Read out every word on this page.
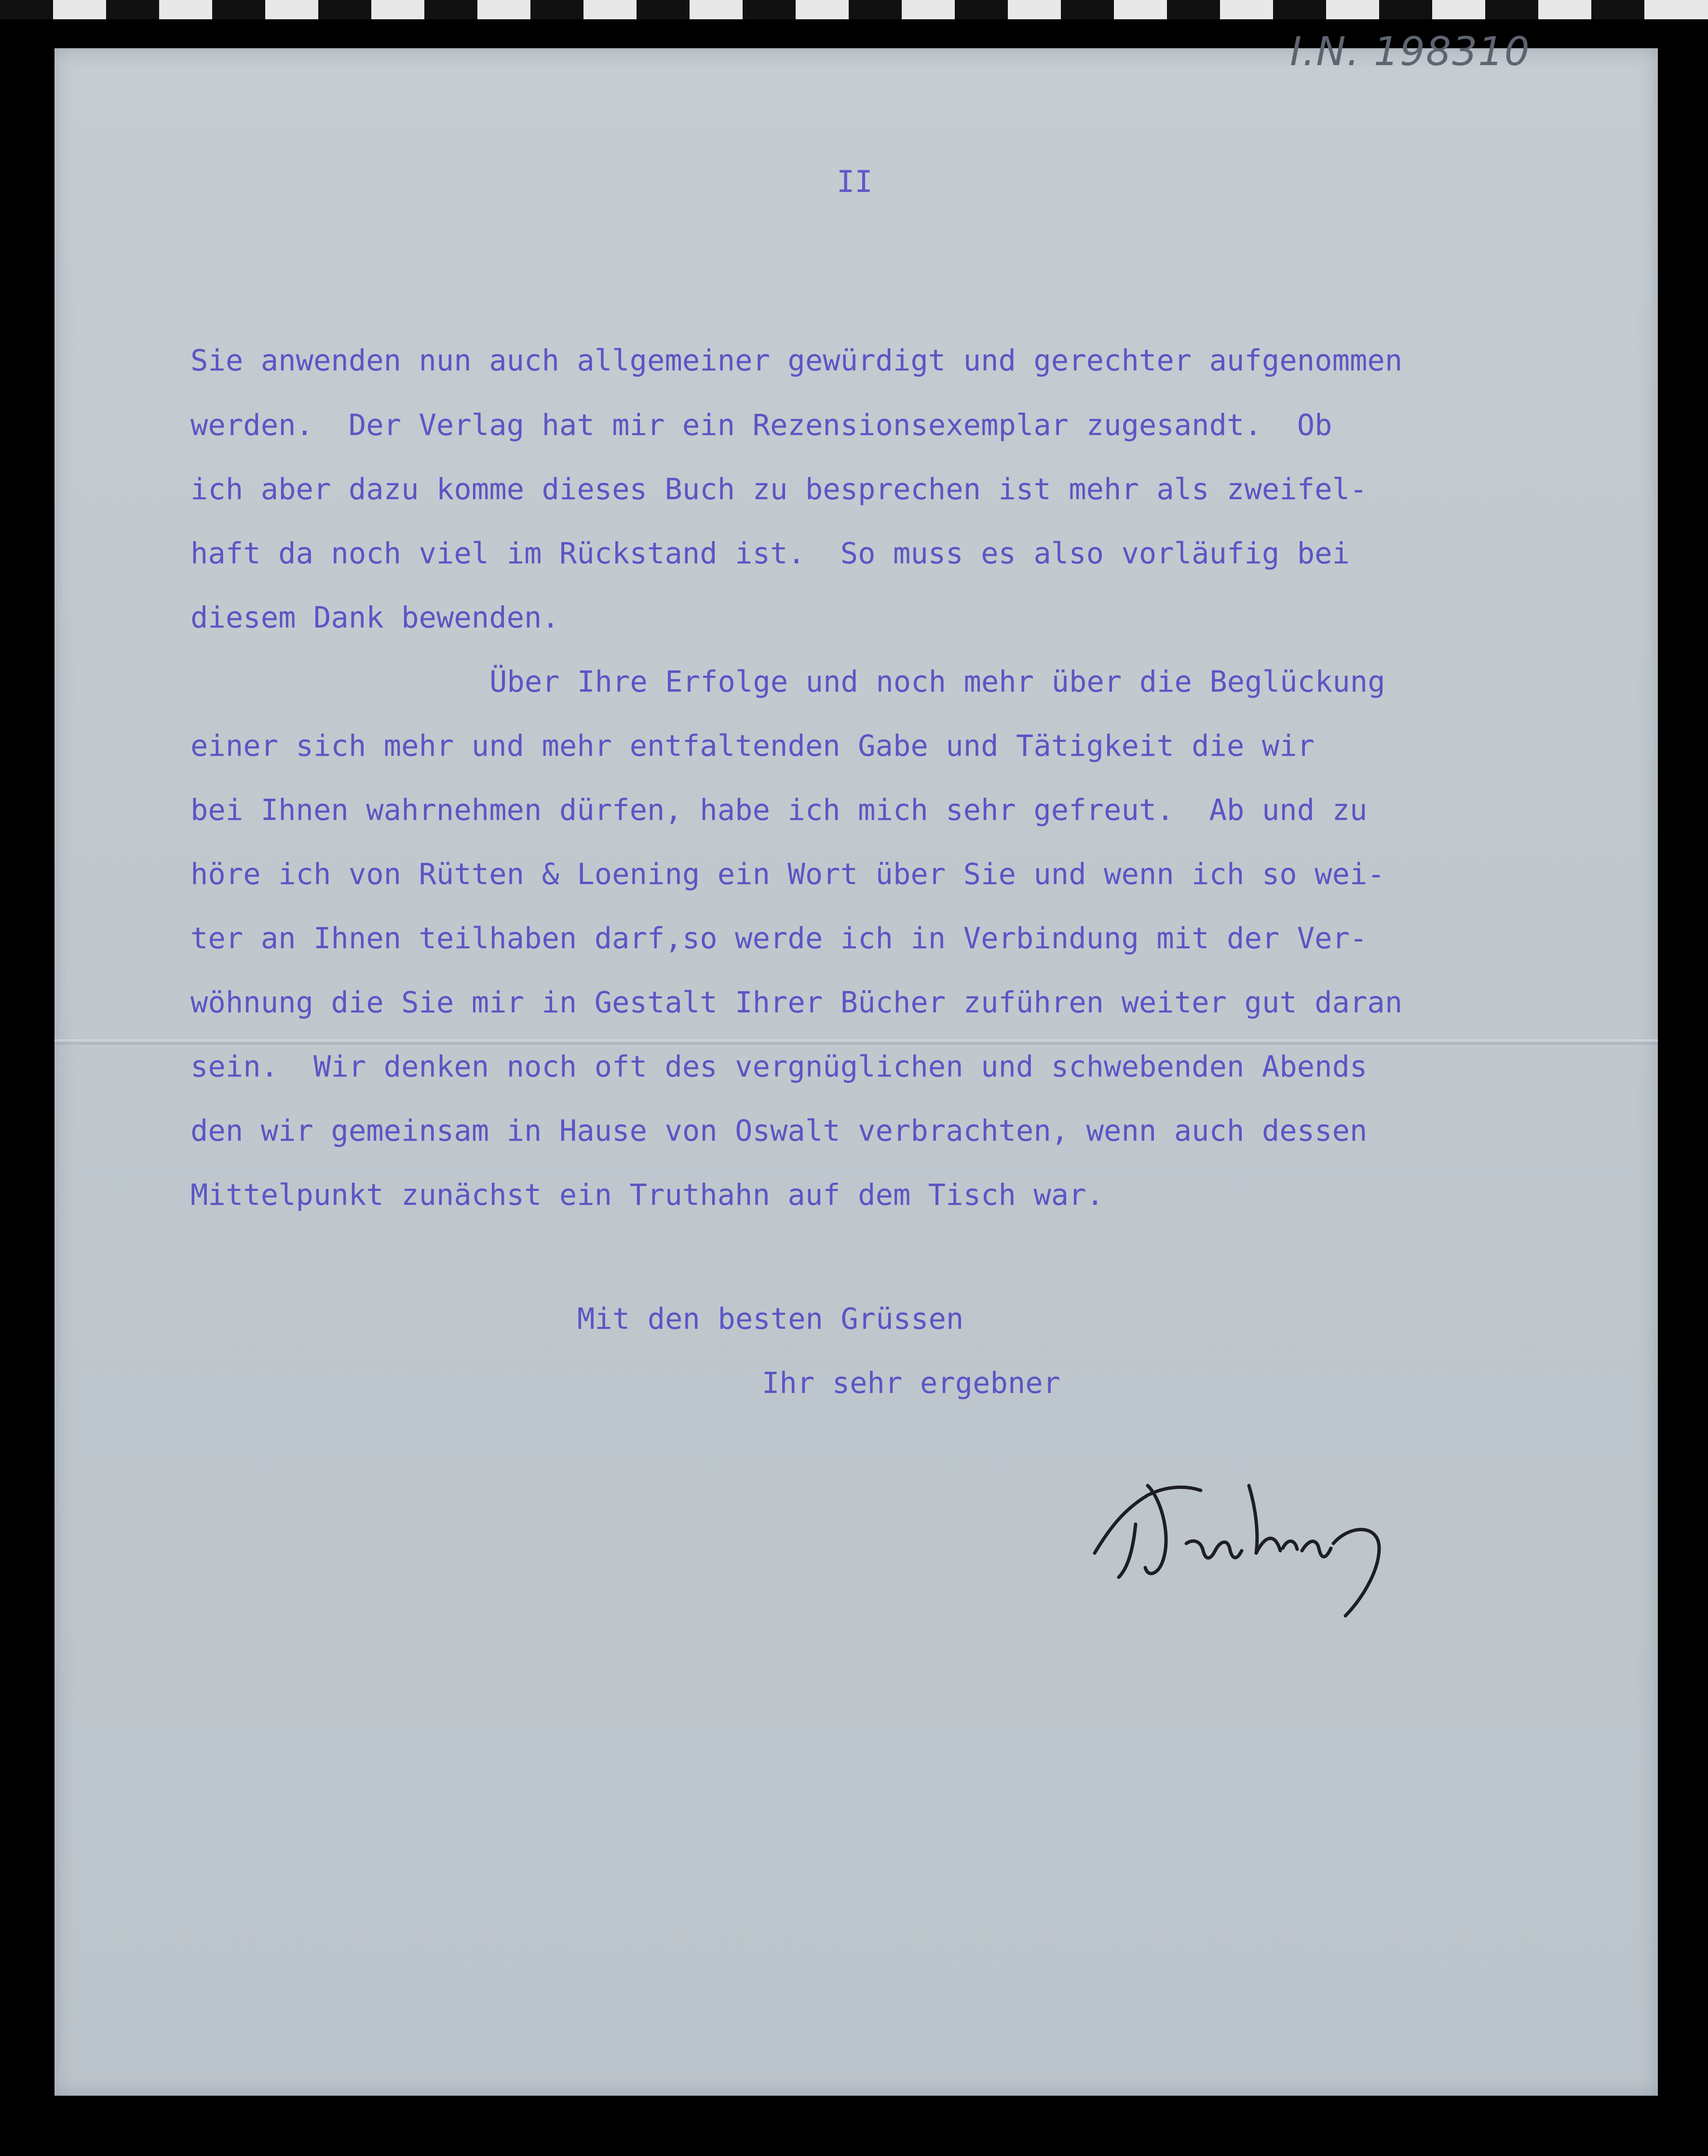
I.N. 198310
II
Sie anwenden nun auch allgemeiner gewürdigt und gerechter aufgenommen
werden.  Der Verlag hat mir ein Rezensionsexemplar zugesandt.  Ob
ich aber dazu komme dieses Buch zu besprechen ist mehr als zweifel-
haft da noch viel im Rückstand ist.  So muss es also vorläufig bei
diesem Dank bewenden.
Über Ihre Erfolge und noch mehr über die Beglückung
einer sich mehr und mehr entfaltenden Gabe und Tätigkeit die wir
bei Ihnen wahrnehmen dürfen, habe ich mich sehr gefreut.  Ab und zu
höre ich von Rütten & Loening ein Wort über Sie und wenn ich so wei-
ter an Ihnen teilhaben darf,so werde ich in Verbindung mit der Ver-
wöhnung die Sie mir in Gestalt Ihrer Bücher zuführen weiter gut daran
sein.  Wir denken noch oft des vergnüglichen und schwebenden Abends
den wir gemeinsam in Hause von Oswalt verbrachten, wenn auch dessen
Mittelpunkt zunächst ein Truthahn auf dem Tisch war.
Mit den besten Grüssen
Ihr sehr ergebner
